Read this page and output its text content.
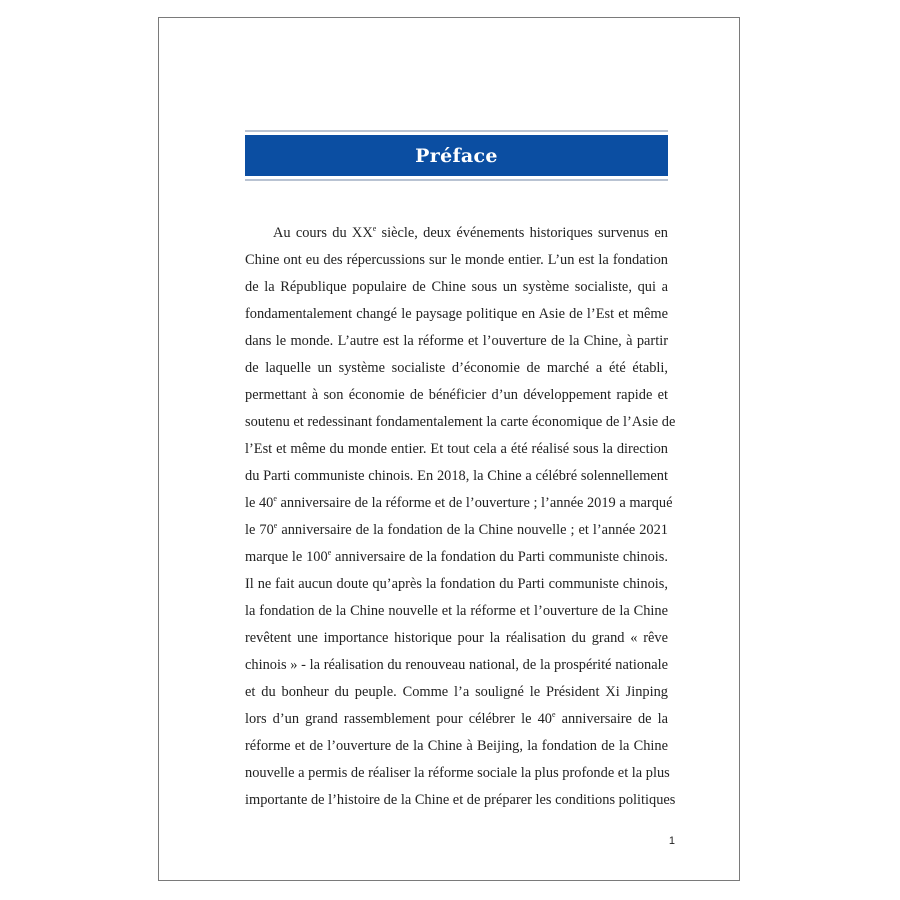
Préface
Au cours du XXe siècle, deux événements historiques survenus en
Chine ont eu des répercussions sur le monde entier. L’un est la fondation
de la République populaire de Chine sous un système socialiste, qui a
fondamentalement changé le paysage politique en Asie de l’Est et même
dans le monde. L’autre est la réforme et l’ouverture de la Chine, à partir
de laquelle un système socialiste d’économie de marché a été établi,
permettant à son économie de bénéficier d’un développement rapide et
soutenu et redessinant fondamentalement la carte économique de l’Asie de
l’Est et même du monde entier. Et tout cela a été réalisé sous la direction
du Parti communiste chinois. En 2018, la Chine a célébré solennellement
le 40e anniversaire de la réforme et de l’ouverture ; l’année 2019 a marqué
le 70e anniversaire de la fondation de la Chine nouvelle ; et l’année 2021
marque le 100e anniversaire de la fondation du Parti communiste chinois.
Il ne fait aucun doute qu’après la fondation du Parti communiste chinois,
la fondation de la Chine nouvelle et la réforme et l’ouverture de la Chine
revêtent une importance historique pour la réalisation du grand « rêve
chinois » - la réalisation du renouveau national, de la prospérité nationale
et du bonheur du peuple. Comme l’a souligné le Président Xi Jinping
lors d’un grand rassemblement pour célébrer le 40e anniversaire de la
réforme et de l’ouverture de la Chine à Beijing, la fondation de la Chine
nouvelle a permis de réaliser la réforme sociale la plus profonde et la plus
importante de l’histoire de la Chine et de préparer les conditions politiques
1
